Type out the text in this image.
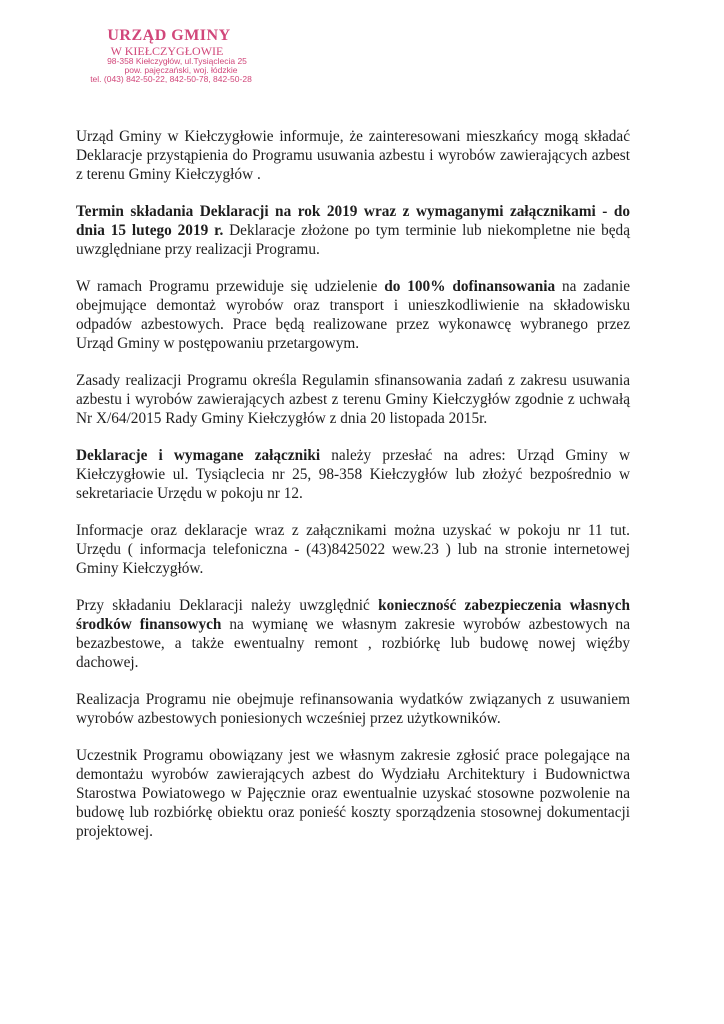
URZĄD GMINY
W KIEŁCZYGŁOWIE
98-358 Kiełczygłów, ul.Tysiąclecia 25
pow. pajęczański, woj. łódzkie
tel. (043) 842-50-22, 842-50-78, 842-50-28

Urząd Gminy w Kiełczygłowie informuje, że zainteresowani mieszkańcy mogą składać Deklaracje przystąpienia do Programu usuwania azbestu i wyrobów zawierających azbest z terenu Gminy Kiełczygłów .

Termin składania Deklaracji na rok 2019 wraz z wymaganymi załącznikami - do dnia 15 lutego 2019 r. Deklaracje złożone po tym terminie lub niekompletne nie będą uwzględniane przy realizacji Programu.

W ramach Programu przewiduje się udzielenie do 100% dofinansowania na zadanie obejmujące demontaż wyrobów oraz transport i unieszkodliwienie na składowisku odpadów azbestowych. Prace będą realizowane przez wykonawcę wybranego przez Urząd Gminy w postępowaniu przetargowym.

Zasady realizacji Programu określa Regulamin sfinansowania zadań z zakresu usuwania azbestu i wyrobów zawierających azbest z terenu Gminy Kiełczygłów zgodnie z uchwałą Nr X/64/2015 Rady Gminy Kiełczygłów z dnia 20 listopada 2015r.

Deklaracje i wymagane załączniki należy przesłać na adres: Urząd Gminy w Kiełczygłowie ul. Tysiąclecia nr 25, 98-358 Kiełczygłów lub złożyć bezpośrednio w sekretariacie Urzędu w pokoju nr 12.

Informacje oraz deklaracje wraz z załącznikami można uzyskać w pokoju nr 11 tut. Urzędu ( informacja telefoniczna - (43)8425022 wew.23 ) lub na stronie internetowej Gminy Kiełczygłów.

Przy składaniu Deklaracji należy uwzględnić konieczność zabezpieczenia własnych środków finansowych na wymianę we własnym zakresie wyrobów azbestowych na bezazbestowe, a także ewentualny remont , rozbiórkę lub budowę nowej więźby dachowej.

Realizacja Programu nie obejmuje refinansowania wydatków związanych z usuwaniem wyrobów azbestowych poniesionych wcześniej przez użytkowników.

Uczestnik Programu obowiązany jest we własnym zakresie zgłosić prace polegające na demontażu wyrobów zawierających azbest do Wydziału Architektury i Budownictwa Starostwa Powiatowego w Pajęcznie oraz ewentualnie uzyskać stosowne pozwolenie na budowę lub rozbiórkę obiektu oraz ponieść koszty sporządzenia stosownej dokumentacji projektowej.
